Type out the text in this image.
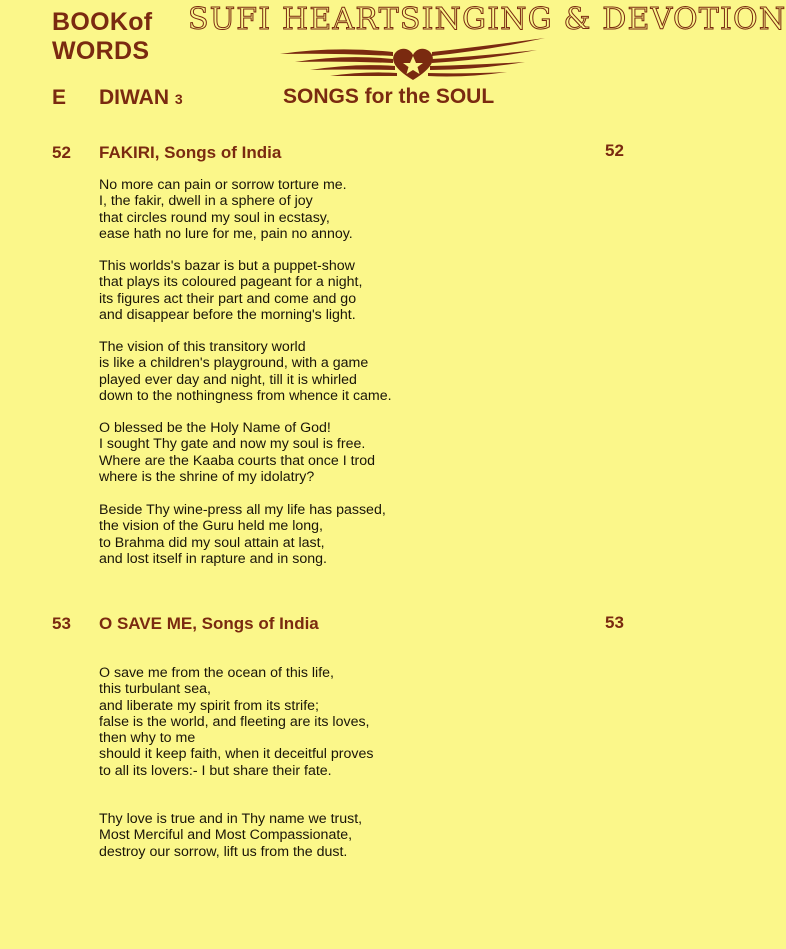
BOOKof
WORDS
SUFI HEARTSINGING & DEVOTION
E DIWAN 3	SONGS for the SOUL
52 FAKIRI, Songs of India	52
No more can pain or sorrow torture me.
I, the fakir, dwell in a sphere of joy
that circles round my soul in ecstasy,
ease hath no lure for me, pain no annoy.
This worlds's bazar is but a puppet-show
that plays its coloured pageant for a night,
its figures act their part and come and go
and disappear before the morning's light.
The vision of this transitory world
is like a children's playground, with a game
played ever day and night, till it is whirled
down to the nothingness from whence it came.
O blessed be the Holy Name of God!
I sought Thy gate and now my soul is free.
Where are the Kaaba courts that once I trod
where is the shrine of my idolatry?
Beside Thy wine-press all my life has passed,
the vision of the Guru held me long,
to Brahma did my soul attain at last,
and lost itself in rapture and in song.
53 O SAVE ME, Songs of India	53
O save me from the ocean of this life,
this turbulant sea,
and liberate my spirit from its strife;
false is the world, and fleeting are its loves,
then why to me
should it keep faith, when it deceitful proves
to all its lovers:- I but share their fate.
Thy love is true and in Thy name we trust,
Most Merciful and Most Compassionate,
destroy our sorrow, lift us from the dust.
